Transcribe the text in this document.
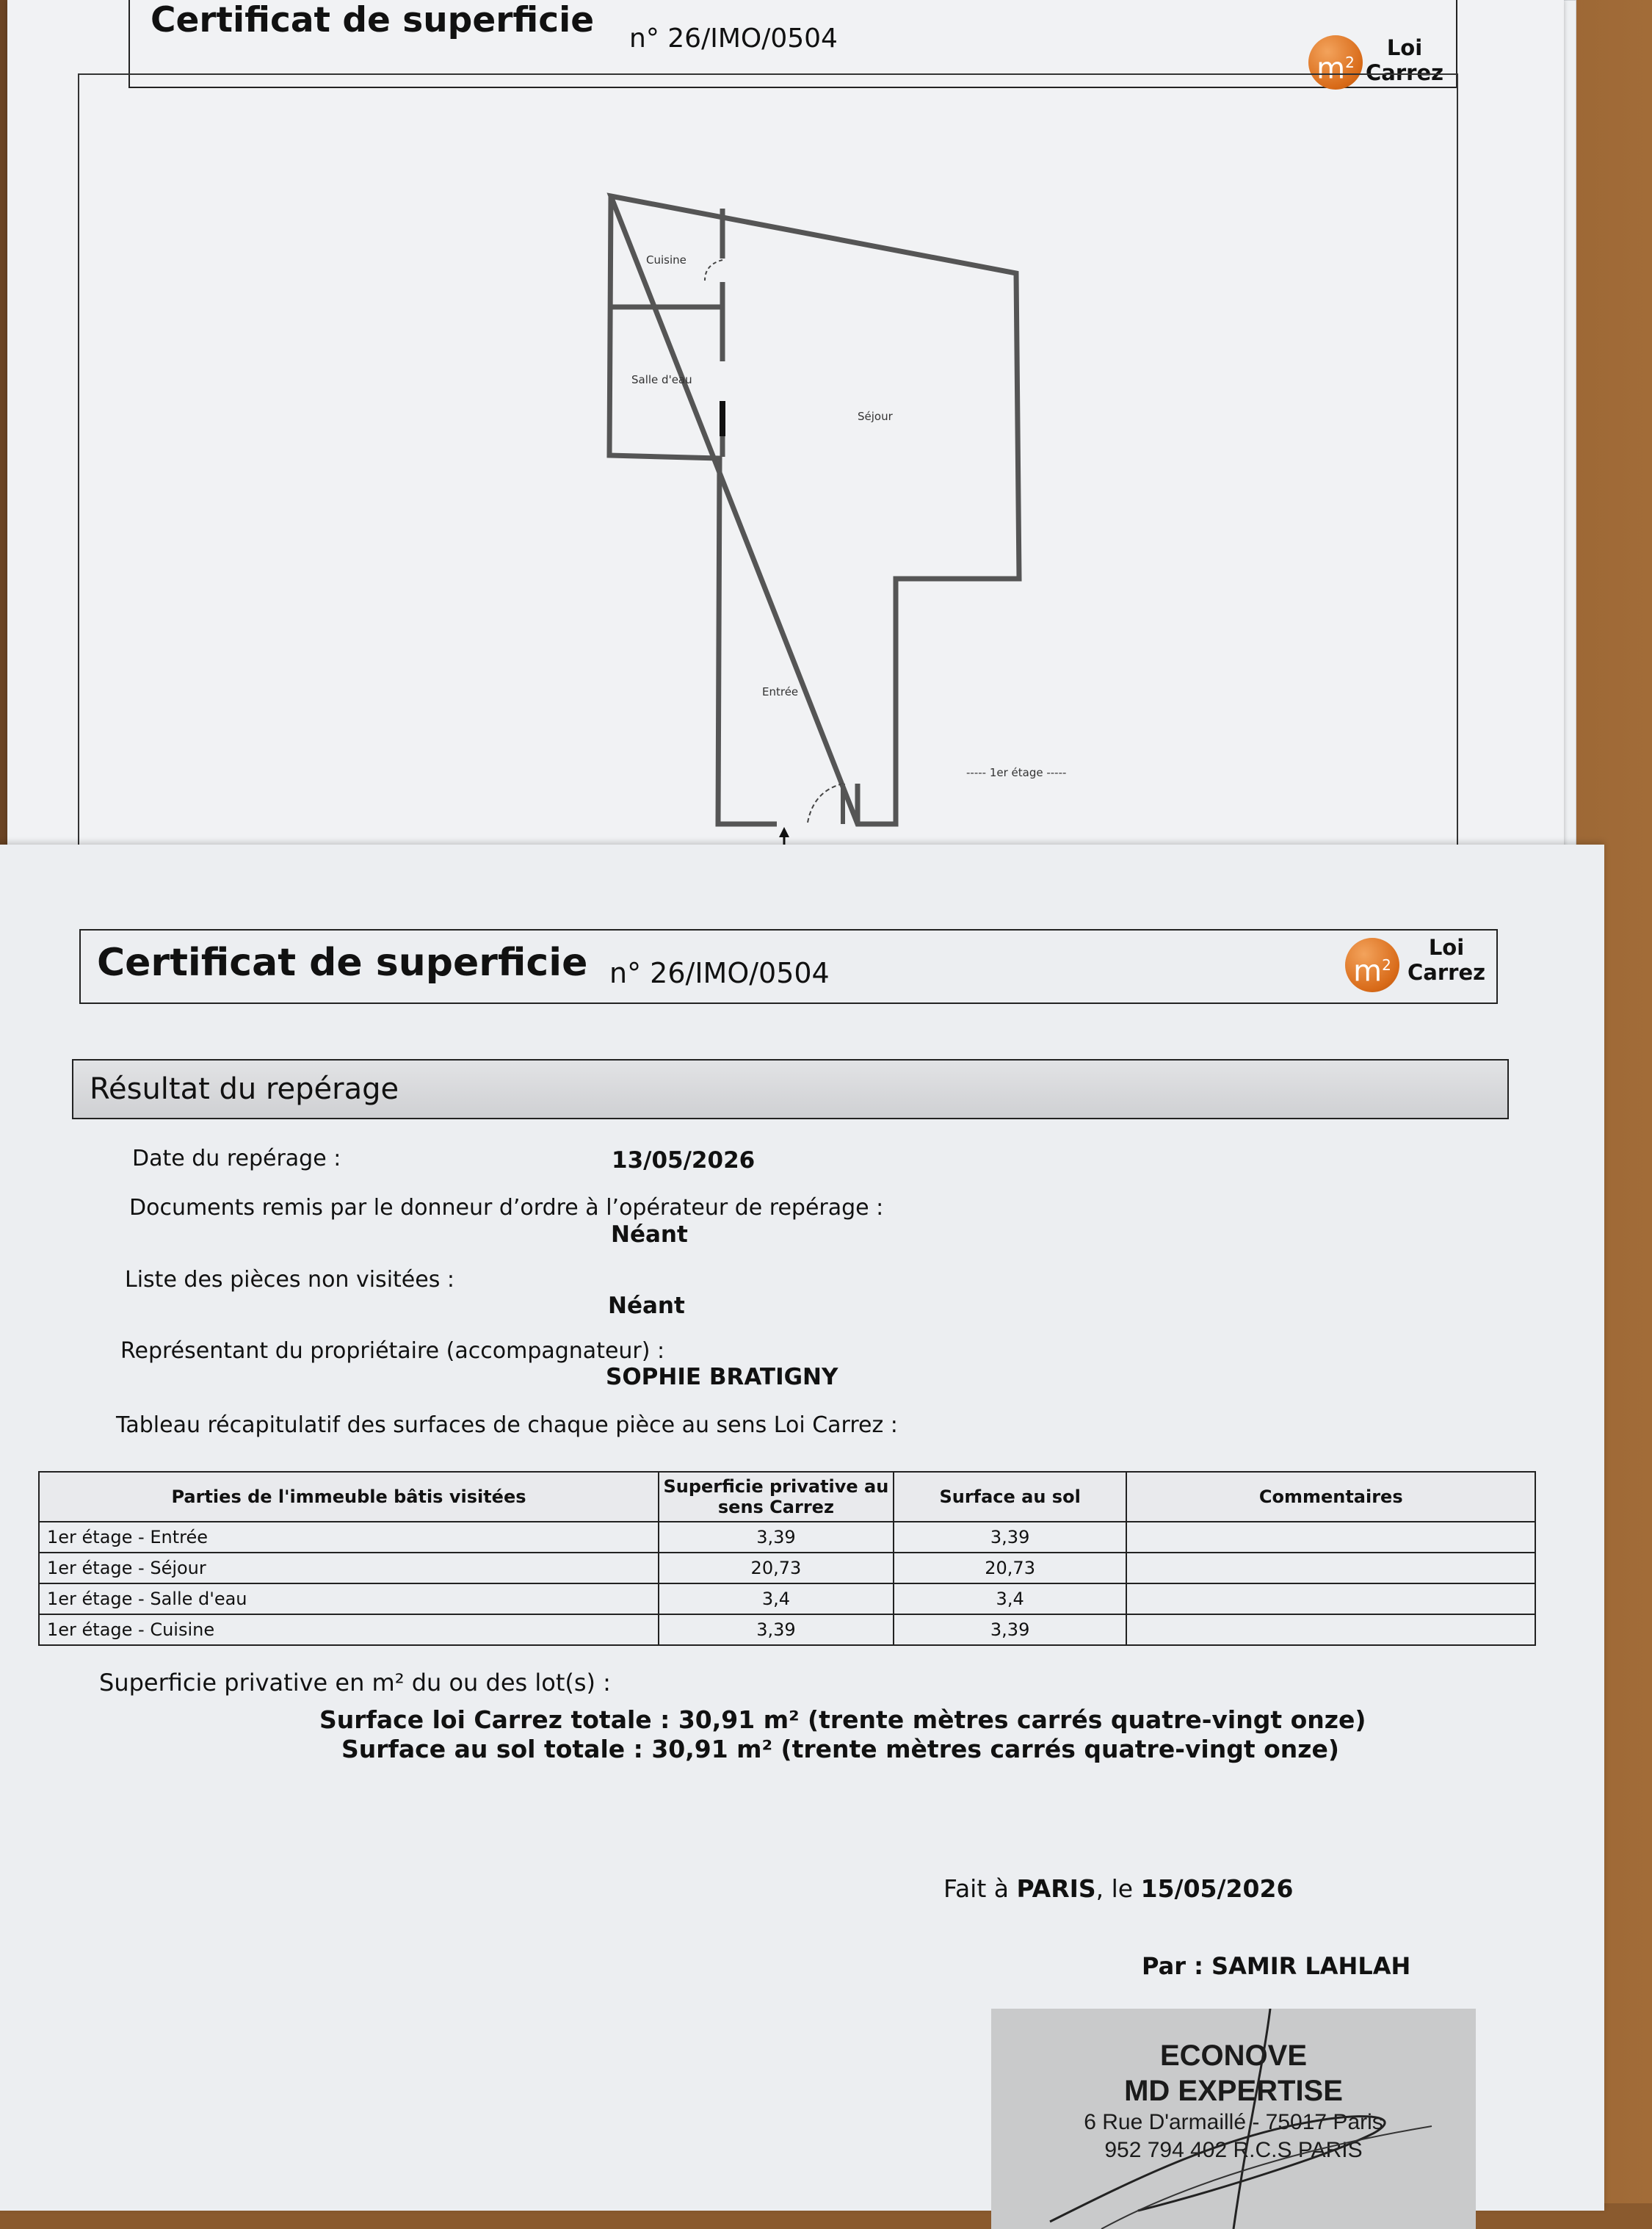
Certificat de superficie n° 26/IMO/0504
$m^2$
Loi
Carrez
Cuisine
Salle d'eau
Séjour
Entrée
----- 1er étage -----
Certificat de superficie n° 26/IMO/0504	$m^2$
Loi
Carrez
Résultat du repérage
Date du repérage :	13/05/2026
Documents remis par le donneur d’ordre à l’opérateur de repérage :
Néant
Liste des pièces non visitées :
Néant
Représentant du propriétaire (accompagnateur) :
SOPHIE BRATIGNY
Tableau récapitulatif des surfaces de chaque pièce au sens Loi Carrez :
Parties de l'immeuble bâtis visitées	Superficie privative au sens Carrez	Surface au sol	Commentaires
1er étage - Entrée	3,39	3,39	
1er étage - Séjour	20,73	20,73	
1er étage - Salle d'eau	3,4	3,4	
1er étage - Cuisine	3,39	3,39	
Superficie privative en m² du ou des lot(s) :
Surface loi Carrez totale : 30,91 m² (trente mètres carrés quatre-vingt onze)
Surface au sol totale : 30,91 m² (trente mètres carrés quatre-vingt onze)
Fait à PARIS, le 15/05/2026
Par : SAMIR LAHLAH
ECONOVE
MD EXPERTISE
6 Rue D'armaillé - 75017 Paris
952 794 402 R.C.S PARIS
